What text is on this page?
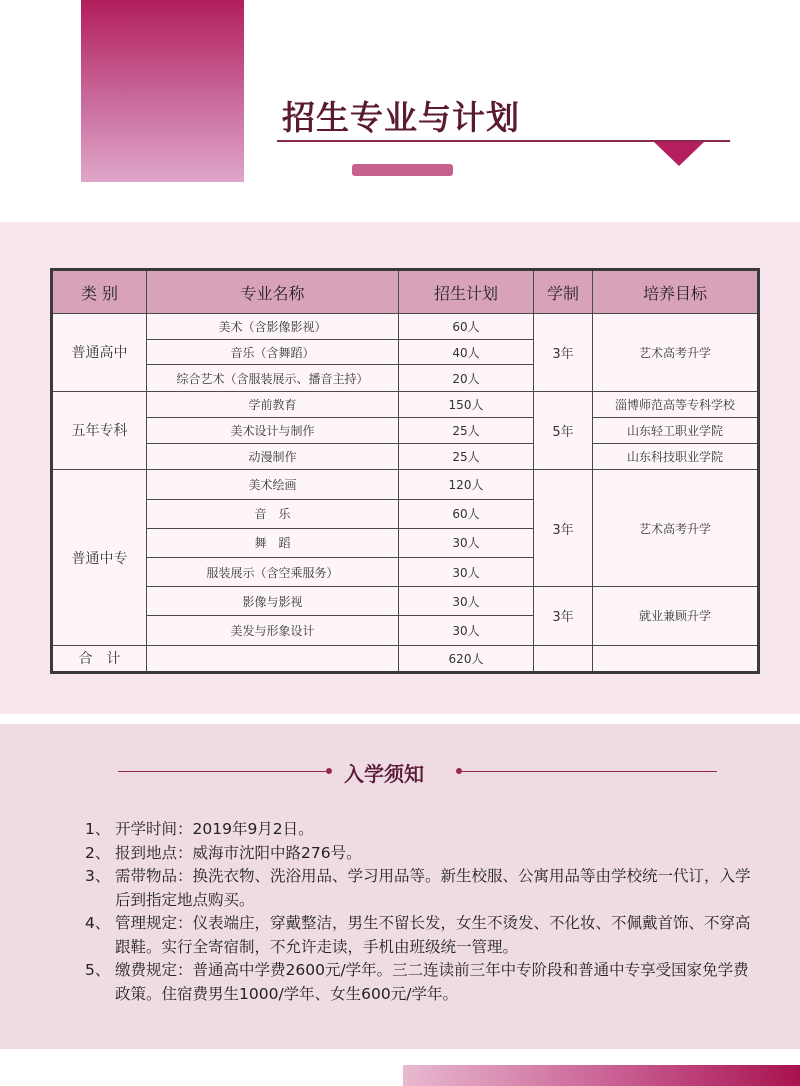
招生专业与计划
类 别	专业名称	招生计划	学制	培养目标
普通高中	美术（含影像影视）	60人	3年	艺术高考升学
	音乐（含舞蹈）	40人		
	综合艺术（含服装展示、播音主持）	20人		
五年专科	学前教育	150人	5年	淄博师范高等专科学校
	美术设计与制作	25人		山东轻工职业学院
	动漫制作	25人		山东科技职业学院
普通中专	美术绘画	120人	3年	艺术高考升学
	音　乐	60人		
	舞　蹈	30人		
	服装展示（含空乘服务）	30人		
	影像与影视	30人	3年	就业兼顾升学
	美发与形象设计	30人		
合　计		620人		
入学须知
1、 开学时间：2019年9月2日。
2、 报到地点：威海市沈阳中路276号。
3、 需带物品：换洗衣物、洗浴用品、学习用品等。新生校服、公寓用品等由学校统一代订，入学后到指定地点购买。
4、 管理规定：仪表端庄，穿戴整洁，男生不留长发，女生不烫发、不化妆、不佩戴首饰、不穿高跟鞋。实行全寄宿制，不允许走读，手机由班级统一管理。
5、 缴费规定：普通高中学费2600元/学年。三二连读前三年中专阶段和普通中专享受国家免学费政策。住宿费男生1000/学年、女生600元/学年。
